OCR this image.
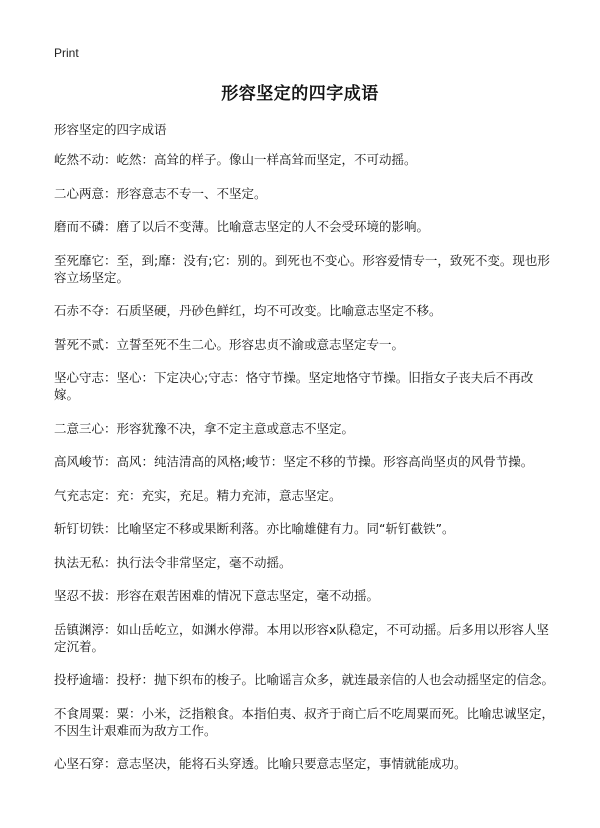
Print
形容坚定的四字成语
形容坚定的四字成语
屹然不动：屹然：高耸的样子。像山一样高耸而坚定，不可动摇。
二心两意：形容意志不专一、不坚定。
磨而不磷：磨了以后不变薄。比喻意志坚定的人不会受环境的影响。
至死靡它：至，到;靡：没有;它：别的。到死也不变心。形容爱情专一，致死不变。现也形容立场坚定。
石赤不夺：石质坚硬，丹砂色鲜红，均不可改变。比喻意志坚定不移。
誓死不贰：立誓至死不生二心。形容忠贞不渝或意志坚定专一。
坚心守志：坚心：下定决心;守志：恪守节操。坚定地恪守节操。旧指女子丧夫后不再改嫁。
二意三心：形容犹豫不决，拿不定主意或意志不坚定。
高风峻节：高风：纯洁清高的风格;峻节：坚定不移的节操。形容高尚坚贞的风骨节操。
气充志定：充：充实，充足。精力充沛，意志坚定。
斩钉切铁：比喻坚定不移或果断利落。亦比喻雄健有力。同“斩钉截铁”。
执法无私：执行法令非常坚定，毫不动摇。
坚忍不拔：形容在艰苦困难的情况下意志坚定，毫不动摇。
岳镇渊渟：如山岳屹立，如渊水停滞。本用以形容x队稳定，不可动摇。后多用以形容人坚定沉着。
投杼逾墙：投杼：抛下织布的梭子。比喻谣言众多，就连最亲信的人也会动摇坚定的信念。
不食周粟：粟：小米，泛指粮食。本指伯夷、叔齐于商亡后不吃周粟而死。比喻忠诚坚定，不因生计艰难而为敌方工作。
心坚石穿：意志坚决，能将石头穿透。比喻只要意志坚定，事情就能成功。
